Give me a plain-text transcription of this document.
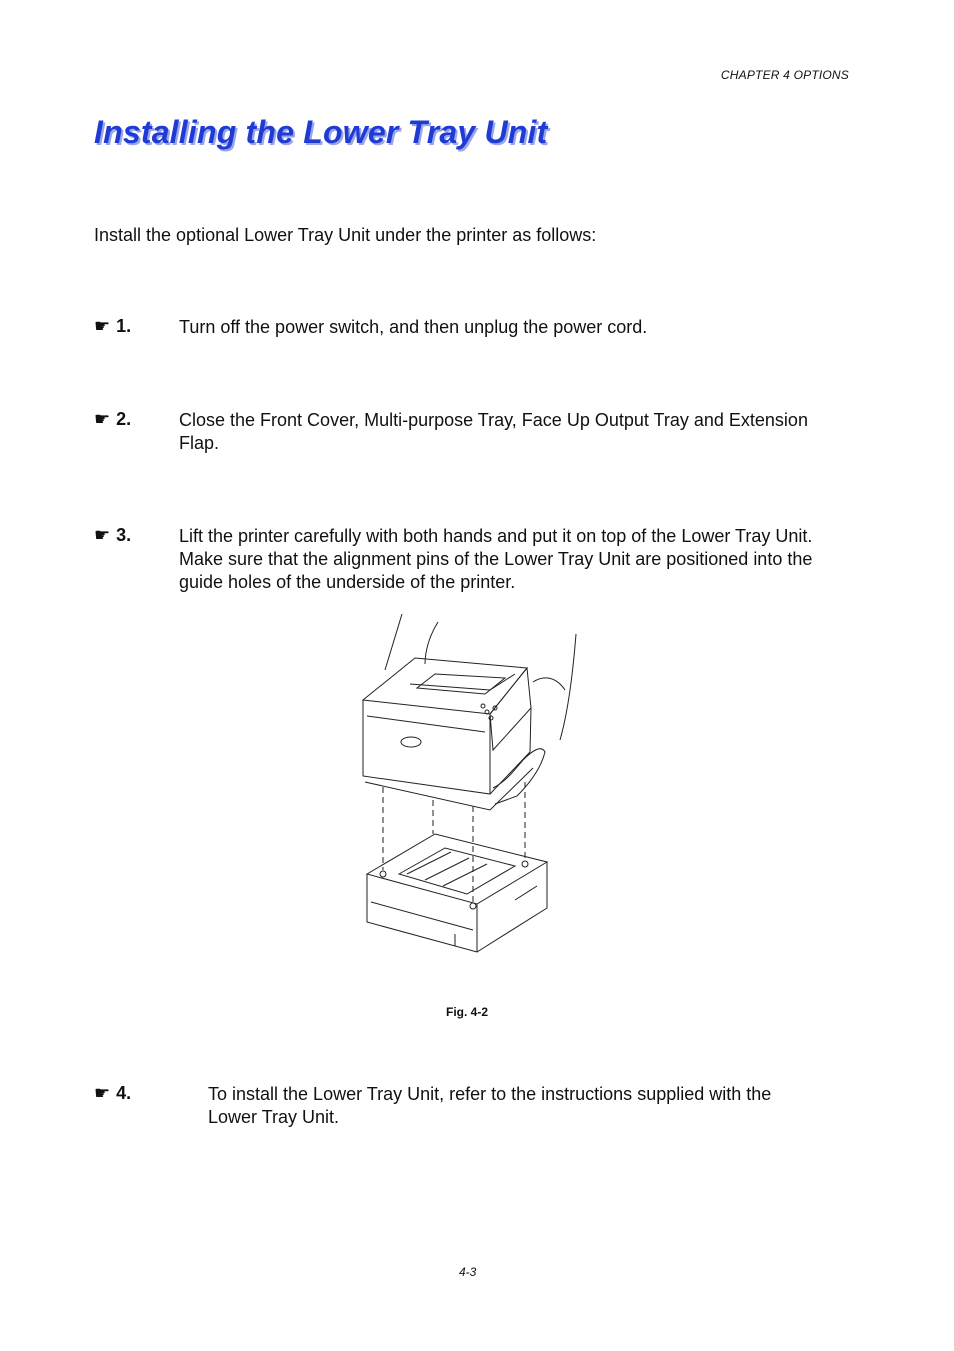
CHAPTER 4 OPTIONS
Installing the Lower Tray Unit
Install the optional Lower Tray Unit under the printer as follows:
☛ 1.	Turn off the power switch, and then unplug the power cord.
☛ 2.	Close the Front Cover, Multi-purpose Tray, Face Up Output Tray and Extension Flap.
☛ 3.	Lift the printer carefully with both hands and put it on top of the Lower Tray Unit. Make sure that the alignment pins of the Lower Tray Unit are positioned into the guide holes of the underside of the printer.
Fig. 4-2
☛ 4.	To install the Lower Tray Unit, refer to the instructions supplied with the Lower Tray Unit.
4-3
